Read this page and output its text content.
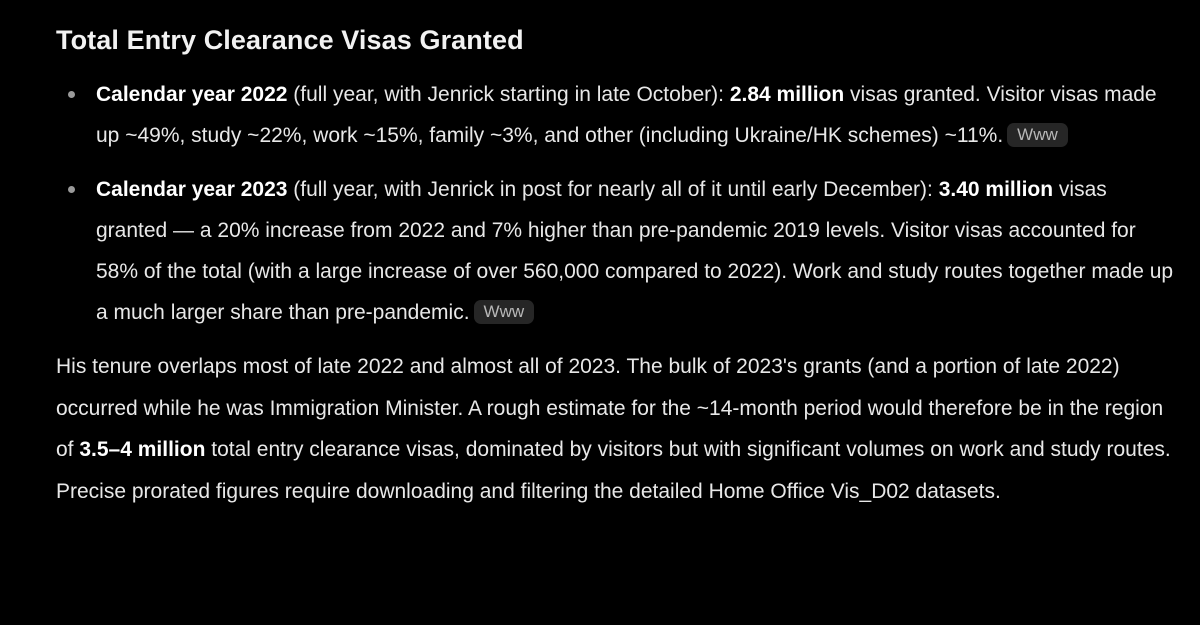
Total Entry Clearance Visas Granted
Calendar year 2022 (full year, with Jenrick starting in late October): 2.84 million visas granted. Visitor visas made up ~49%, study ~22%, work ~15%, family ~3%, and other (including Ukraine/HK schemes) ~11%. Www
Calendar year 2023 (full year, with Jenrick in post for nearly all of it until early December): 3.40 million visas granted — a 20% increase from 2022 and 7% higher than pre-pandemic 2019 levels. Visitor visas accounted for 58% of the total (with a large increase of over 560,000 compared to 2022). Work and study routes together made up a much larger share than pre-pandemic. Www

His tenure overlaps most of late 2022 and almost all of 2023. The bulk of 2023's grants (and a portion of late 2022) occurred while he was Immigration Minister. A rough estimate for the ~14-month period would therefore be in the region of 3.5–4 million total entry clearance visas, dominated by visitors but with significant volumes on work and study routes. Precise prorated figures require downloading and filtering the detailed Home Office Vis_D02 datasets.
